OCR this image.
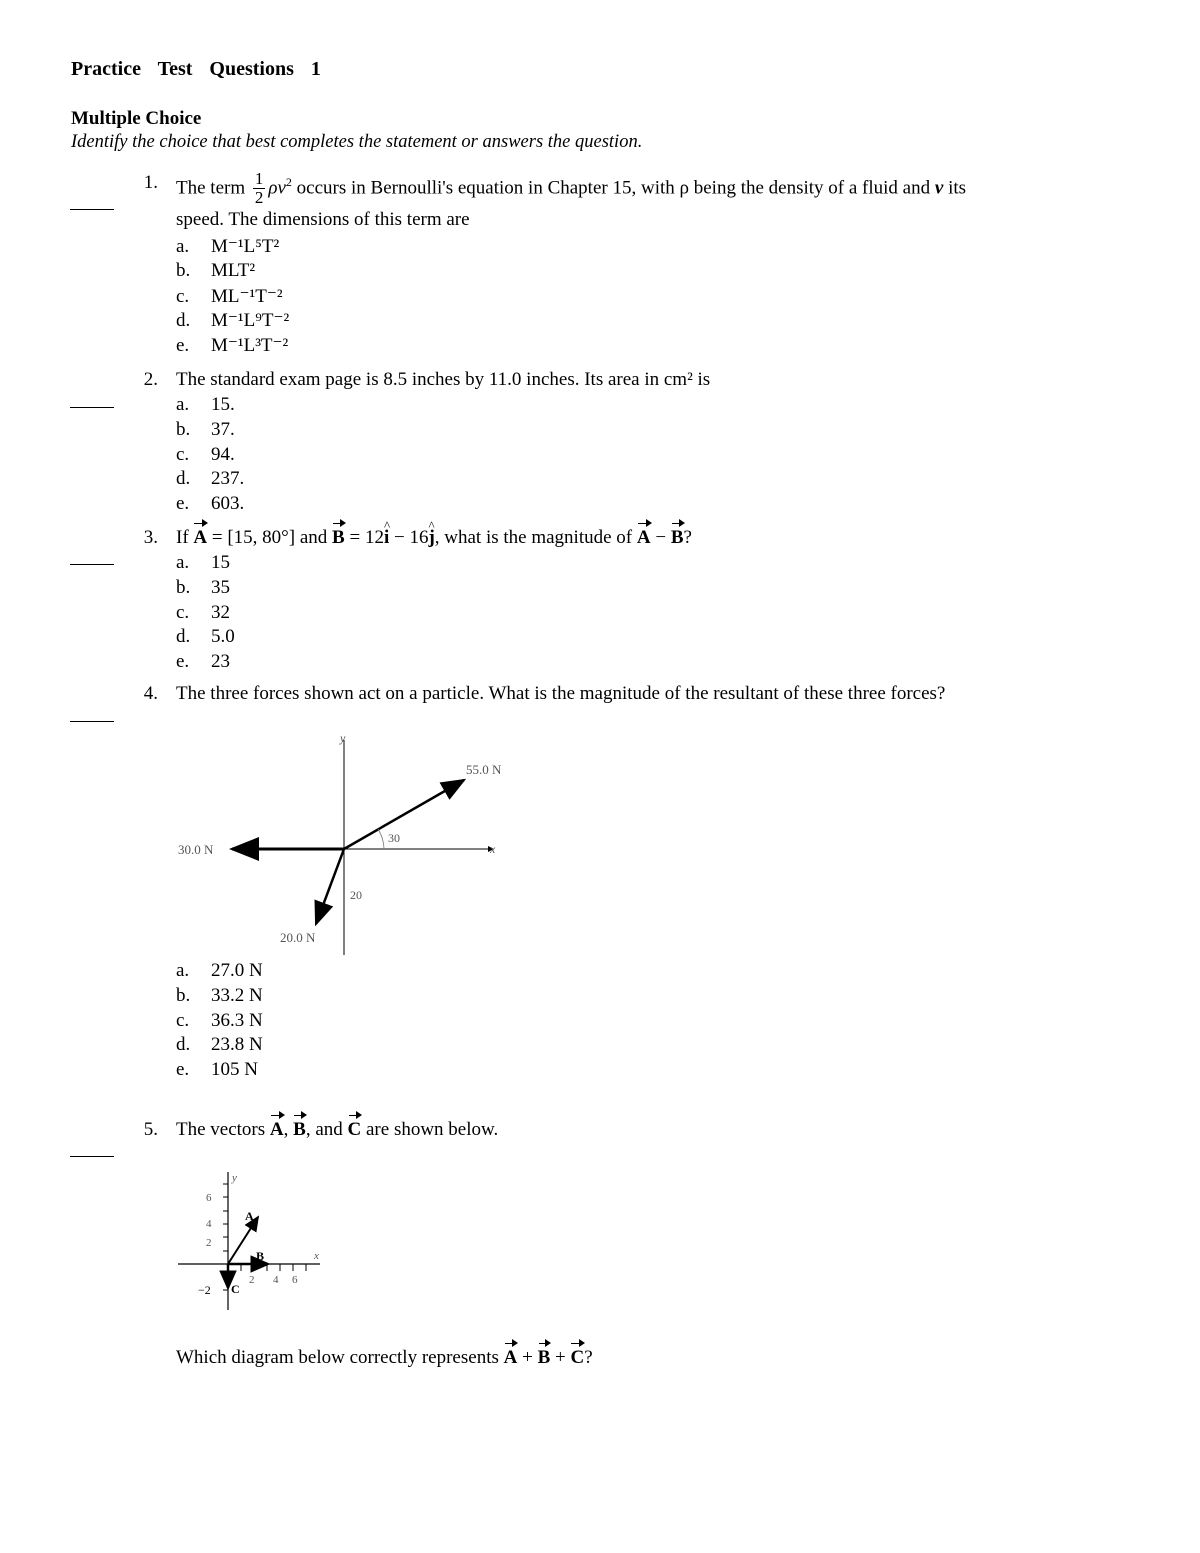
Practice Test Questions 1
Multiple Choice
Identify the choice that best completes the statement or answers the question.
1. The term $\frac{1}{2} \rho v^2$ occurs in Bernoulli's equation in Chapter 15, with ρ being the density of a fluid and v its
speed. The dimensions of this term are
a. M⁻¹L⁵T²
b. MLT²
c. ML⁻¹T⁻²
d. M⁻¹L⁹T⁻²
e. M⁻¹L³T⁻²
2. The standard exam page is 8.5 inches by 11.0 inches. Its area in cm² is
a. 15.
b. 37.
c. 94.
d. 237.
e. 603.
3. If A = [15, 80°] and B = 12^ i − 16^ j, what is the magnitude of A − B?
a. 15
b. 35
c. 32
d. 5.0
e. 23
4. The three forces shown act on a particle. What is the magnitude of the resultant of these three forces?
y
x
55.0 N
30
30.0 N
20.0 N
20
a. 27.0 N
b. 33.2 N
c. 36.3 N
d. 23.8 N
e. 105 N
5. The vectors A, B, and C are shown below.
y
x
6
4
2
−2
2 4 6
A
B
C
Which diagram below correctly represents A + B + C?
